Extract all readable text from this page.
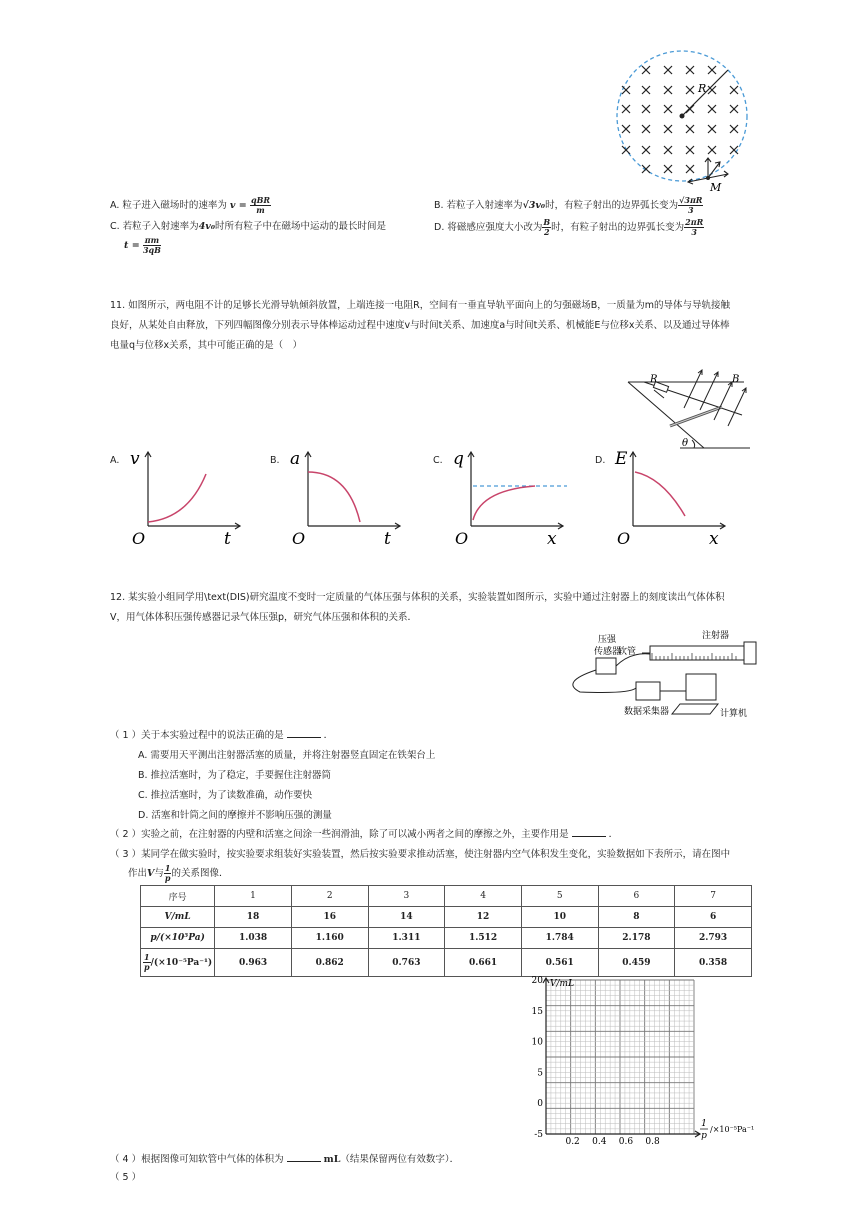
R
M
A. 粒子进入磁场时的速率为 $v = \frac{\text{qBR}}{m}$	B. 若粒子入射速率为√3v₀时，有粒子射出的边界弧长变为 $\frac{√3\pi R}{3}$
C. 若粒子入射速率为4v₀时所有粒子中在磁场中运动的最长时间是
$t = \frac{\pi m}{3qB}$
D. 将磁感应强度大小改为 $\frac{B}{2}$ 时，有粒子射出的边界弧长变为 $\frac{2\pi R}{3}$
11. 如图所示，两电阻不计的足够长光滑导轨倾斜放置，上端连接一电阻R，空间有一垂直导轨平面向上的匀强磁场B，一质量为m的导体与导轨接触
良好，从某处自由释放，下列四幅图像分别表示导体棒运动过程中速度v与时间t关系、加速度a与时间t关系、机械能E与位移x关系、以及通过导体棒
电量q与位移x关系，其中可能正确的是（　）
R	B
θ
A. v
O	t
B. a
O	t
C. q
O	x
D. E
O	x
12. 某实验小组同学用\text(DIS)研究温度不变时一定质量的气体压强与体积的关系，实验装置如图所示，实验中通过注射器上的刻度读出气体体积
V，用气体体积压强传感器记录气体压强p，研究气体压强和体积的关系．
压强
传感器
软管
注射器
数据采集器	计算机
（ 1 ）关于本实验过程中的说法正确的是	．
A. 需要用天平测出注射器活塞的质量，并将注射器竖直固定在铁架台上
B. 推拉活塞时，为了稳定，手要握住注射器筒
C. 推拉活塞时，为了读数准确，动作要快
D. 活塞和针筒之间的摩擦并不影响压强的测量
（ 2 ）实验之前，在注射器的内壁和活塞之间涂一些润滑油，除了可以减小两者之间的摩擦之外，主要作用是	．
（ 3 ）某同学在做实验时，按实验要求组装好实验装置，然后按实验要求推动活塞，使注射器内空气体积发生变化，实验数据如下表所示，请在图中
作出V与 $\frac{1}{p}$ 的关系图像．
序号	1	2	3	4	5	6	7
V/mL	18	16	14	12	10	8	6
p/(×10⁵Pa)	1.038	1.160	1.311	1.512	1.784	2.178	2.793

$\frac{1}{p} /(\times 10^{-5}Pa^{-1})$	0.963	0.862	0.763	0.661	0.561	0.459	0.358
V/mL
20
15
10
5
0
-5
0.2 0.4 0.6 0.8
1
p
/×10⁻⁵Pa⁻¹
（ 4 ）根据图像可知软管中气体的体积为	mL（结果保留两位有效数字）．
（ 5 ）
